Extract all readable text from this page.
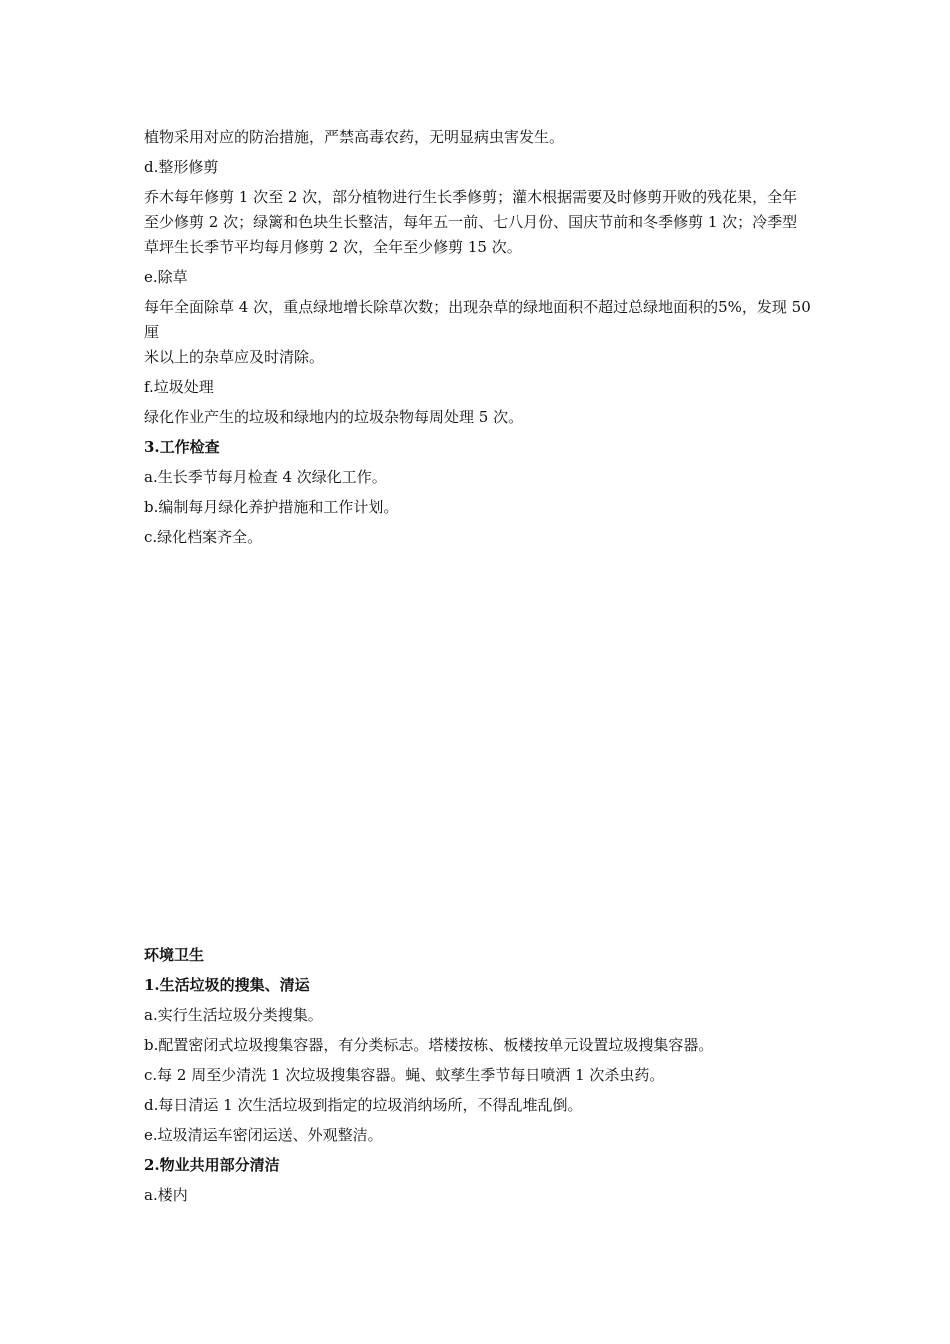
植物采用对应的防治措施，严禁高毒农药，无明显病虫害发生。

d.整形修剪

乔木每年修剪 1 次至 2 次，部分植物进行生长季修剪；灌木根据需要及时修剪开败的残花果，全年至少修剪 2 次；绿篱和色块生长整洁，每年五一前、七八月份、国庆节前和冬季修剪 1 次；冷季型草坪生长季节平均每月修剪 2 次，全年至少修剪 15 次。

e.除草

每年全面除草 4 次，重点绿地增长除草次数；出现杂草的绿地面积不超过总绿地面积的5%，发现 50 厘

米以上的杂草应及时清除。

f.垃圾处理

绿化作业产生的垃圾和绿地内的垃圾杂物每周处理 5 次。

3.工作检查

a.生长季节每月检查 4 次绿化工作。

b.编制每月绿化养护措施和工作计划。

c.绿化档案齐全。

环境卫生

1.生活垃圾的搜集、清运

a.实行生活垃圾分类搜集。

b.配置密闭式垃圾搜集容器，有分类标志。塔楼按栋、板楼按单元设置垃圾搜集容器。

c.每 2 周至少清洗 1 次垃圾搜集容器。蝇、蚊孳生季节每日喷洒 1 次杀虫药。

d.每日清运 1 次生活垃圾到指定的垃圾消纳场所，不得乱堆乱倒。

e.垃圾清运车密闭运送、外观整洁。

2.物业共用部分清洁

a.楼内
